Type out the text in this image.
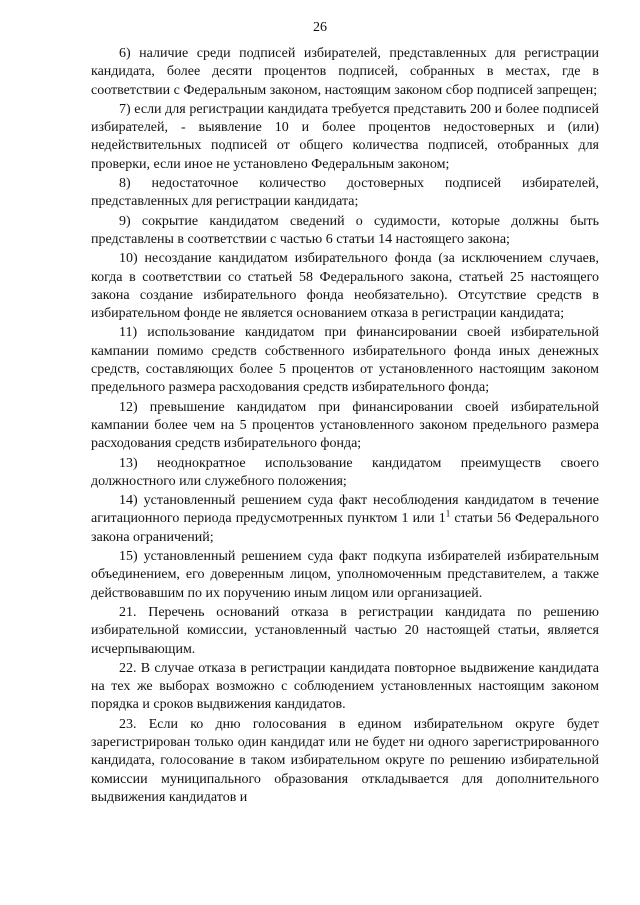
26

6) наличие среди подписей избирателей, представленных для регистрации кандидата, более десяти процентов подписей, собранных в местах, где в соответствии с Федеральным законом, настоящим законом сбор подписей запрещен;

7) если для регистрации кандидата требуется представить 200 и более подписей избирателей, - выявление 10 и более процентов недостоверных и (или) недействительных подписей от общего количества подписей, отобранных для проверки, если иное не установлено Федеральным законом;

8) недостаточное количество достоверных подписей избирателей, представленных для регистрации кандидата;

9) сокрытие кандидатом сведений о судимости, которые должны быть представлены в соответствии с частью 6 статьи 14 настоящего закона;

10) несоздание кандидатом избирательного фонда (за исключением случаев, когда в соответствии со статьей 58 Федерального закона, статьей 25 настоящего закона создание избирательного фонда необязательно). Отсутствие средств в избирательном фонде не является основанием отказа в регистрации кандидата;

11) использование кандидатом при финансировании своей избирательной кампании помимо средств собственного избирательного фонда иных денежных средств, составляющих более 5 процентов от установленного настоящим законом предельного размера расходования средств избирательного фонда;

12) превышение кандидатом при финансировании своей избирательной кампании более чем на 5 процентов установленного законом предельного размера расходования средств избирательного фонда;

13) неоднократное использование кандидатом преимуществ своего должностного или служебного положения;

14) установленный решением суда факт несоблюдения кандидатом в течение агитационного периода предусмотренных пунктом 1 или $1^1$ статьи 56 Федерального закона ограничений;

15) установленный решением суда факт подкупа избирателей избирательным объединением, его доверенным лицом, уполномоченным представителем, а также действовавшим по их поручению иным лицом или организацией.

21. Перечень оснований отказа в регистрации кандидата по решению избирательной комиссии, установленный частью 20 настоящей статьи, является исчерпывающим.

22. В случае отказа в регистрации кандидата повторное выдвижение кандидата на тех же выборах возможно с соблюдением установленных настоящим законом порядка и сроков выдвижения кандидатов.

23. Если ко дню голосования в едином избирательном округе будет зарегистрирован только один кандидат или не будет ни одного зарегистрированного кандидата, голосование в таком избирательном округе по решению избирательной комиссии муниципального образования откладывается для дополнительного выдвижения кандидатов и
